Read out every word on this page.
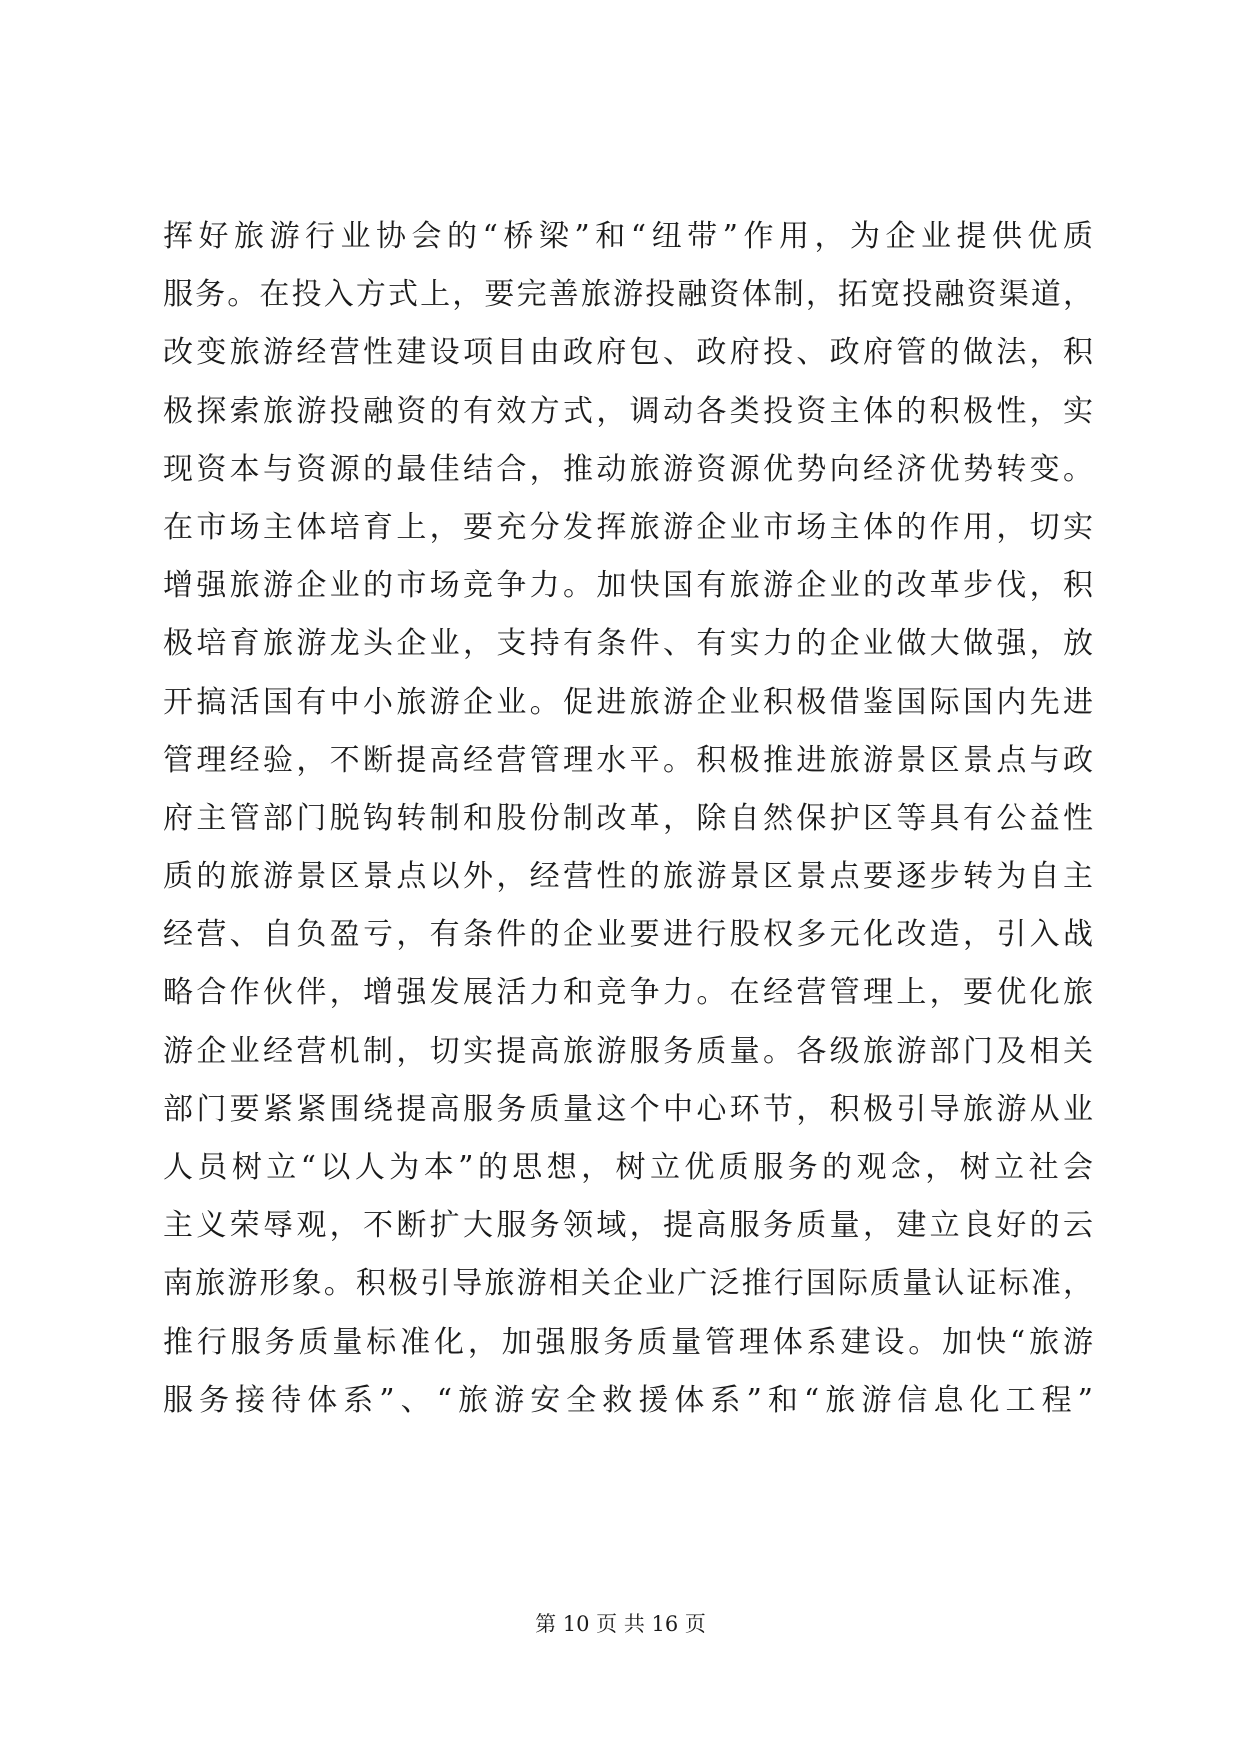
挥好旅游行业协会的“桥梁”和“纽带”作用，为企业提供优质
服务。在投入方式上，要完善旅游投融资体制，拓宽投融资渠道，
改变旅游经营性建设项目由政府包、政府投、政府管的做法，积
极探索旅游投融资的有效方式，调动各类投资主体的积极性，实
现资本与资源的最佳结合，推动旅游资源优势向经济优势转变。
在市场主体培育上，要充分发挥旅游企业市场主体的作用，切实
增强旅游企业的市场竞争力。加快国有旅游企业的改革步伐，积
极培育旅游龙头企业，支持有条件、有实力的企业做大做强，放
开搞活国有中小旅游企业。促进旅游企业积极借鉴国际国内先进
管理经验，不断提高经营管理水平。积极推进旅游景区景点与政
府主管部门脱钩转制和股份制改革，除自然保护区等具有公益性
质的旅游景区景点以外，经营性的旅游景区景点要逐步转为自主
经营、自负盈亏，有条件的企业要进行股权多元化改造，引入战
略合作伙伴，增强发展活力和竞争力。在经营管理上，要优化旅
游企业经营机制，切实提高旅游服务质量。各级旅游部门及相关
部门要紧紧围绕提高服务质量这个中心环节，积极引导旅游从业
人员树立“以人为本”的思想，树立优质服务的观念，树立社会
主义荣辱观，不断扩大服务领域，提高服务质量，建立良好的云
南旅游形象。积极引导旅游相关企业广泛推行国际质量认证标准，
推行服务质量标准化，加强服务质量管理体系建设。加快“旅游
服务接待体系”、“旅游安全救援体系”和“旅游信息化工程”
第 10 页 共 16 页
